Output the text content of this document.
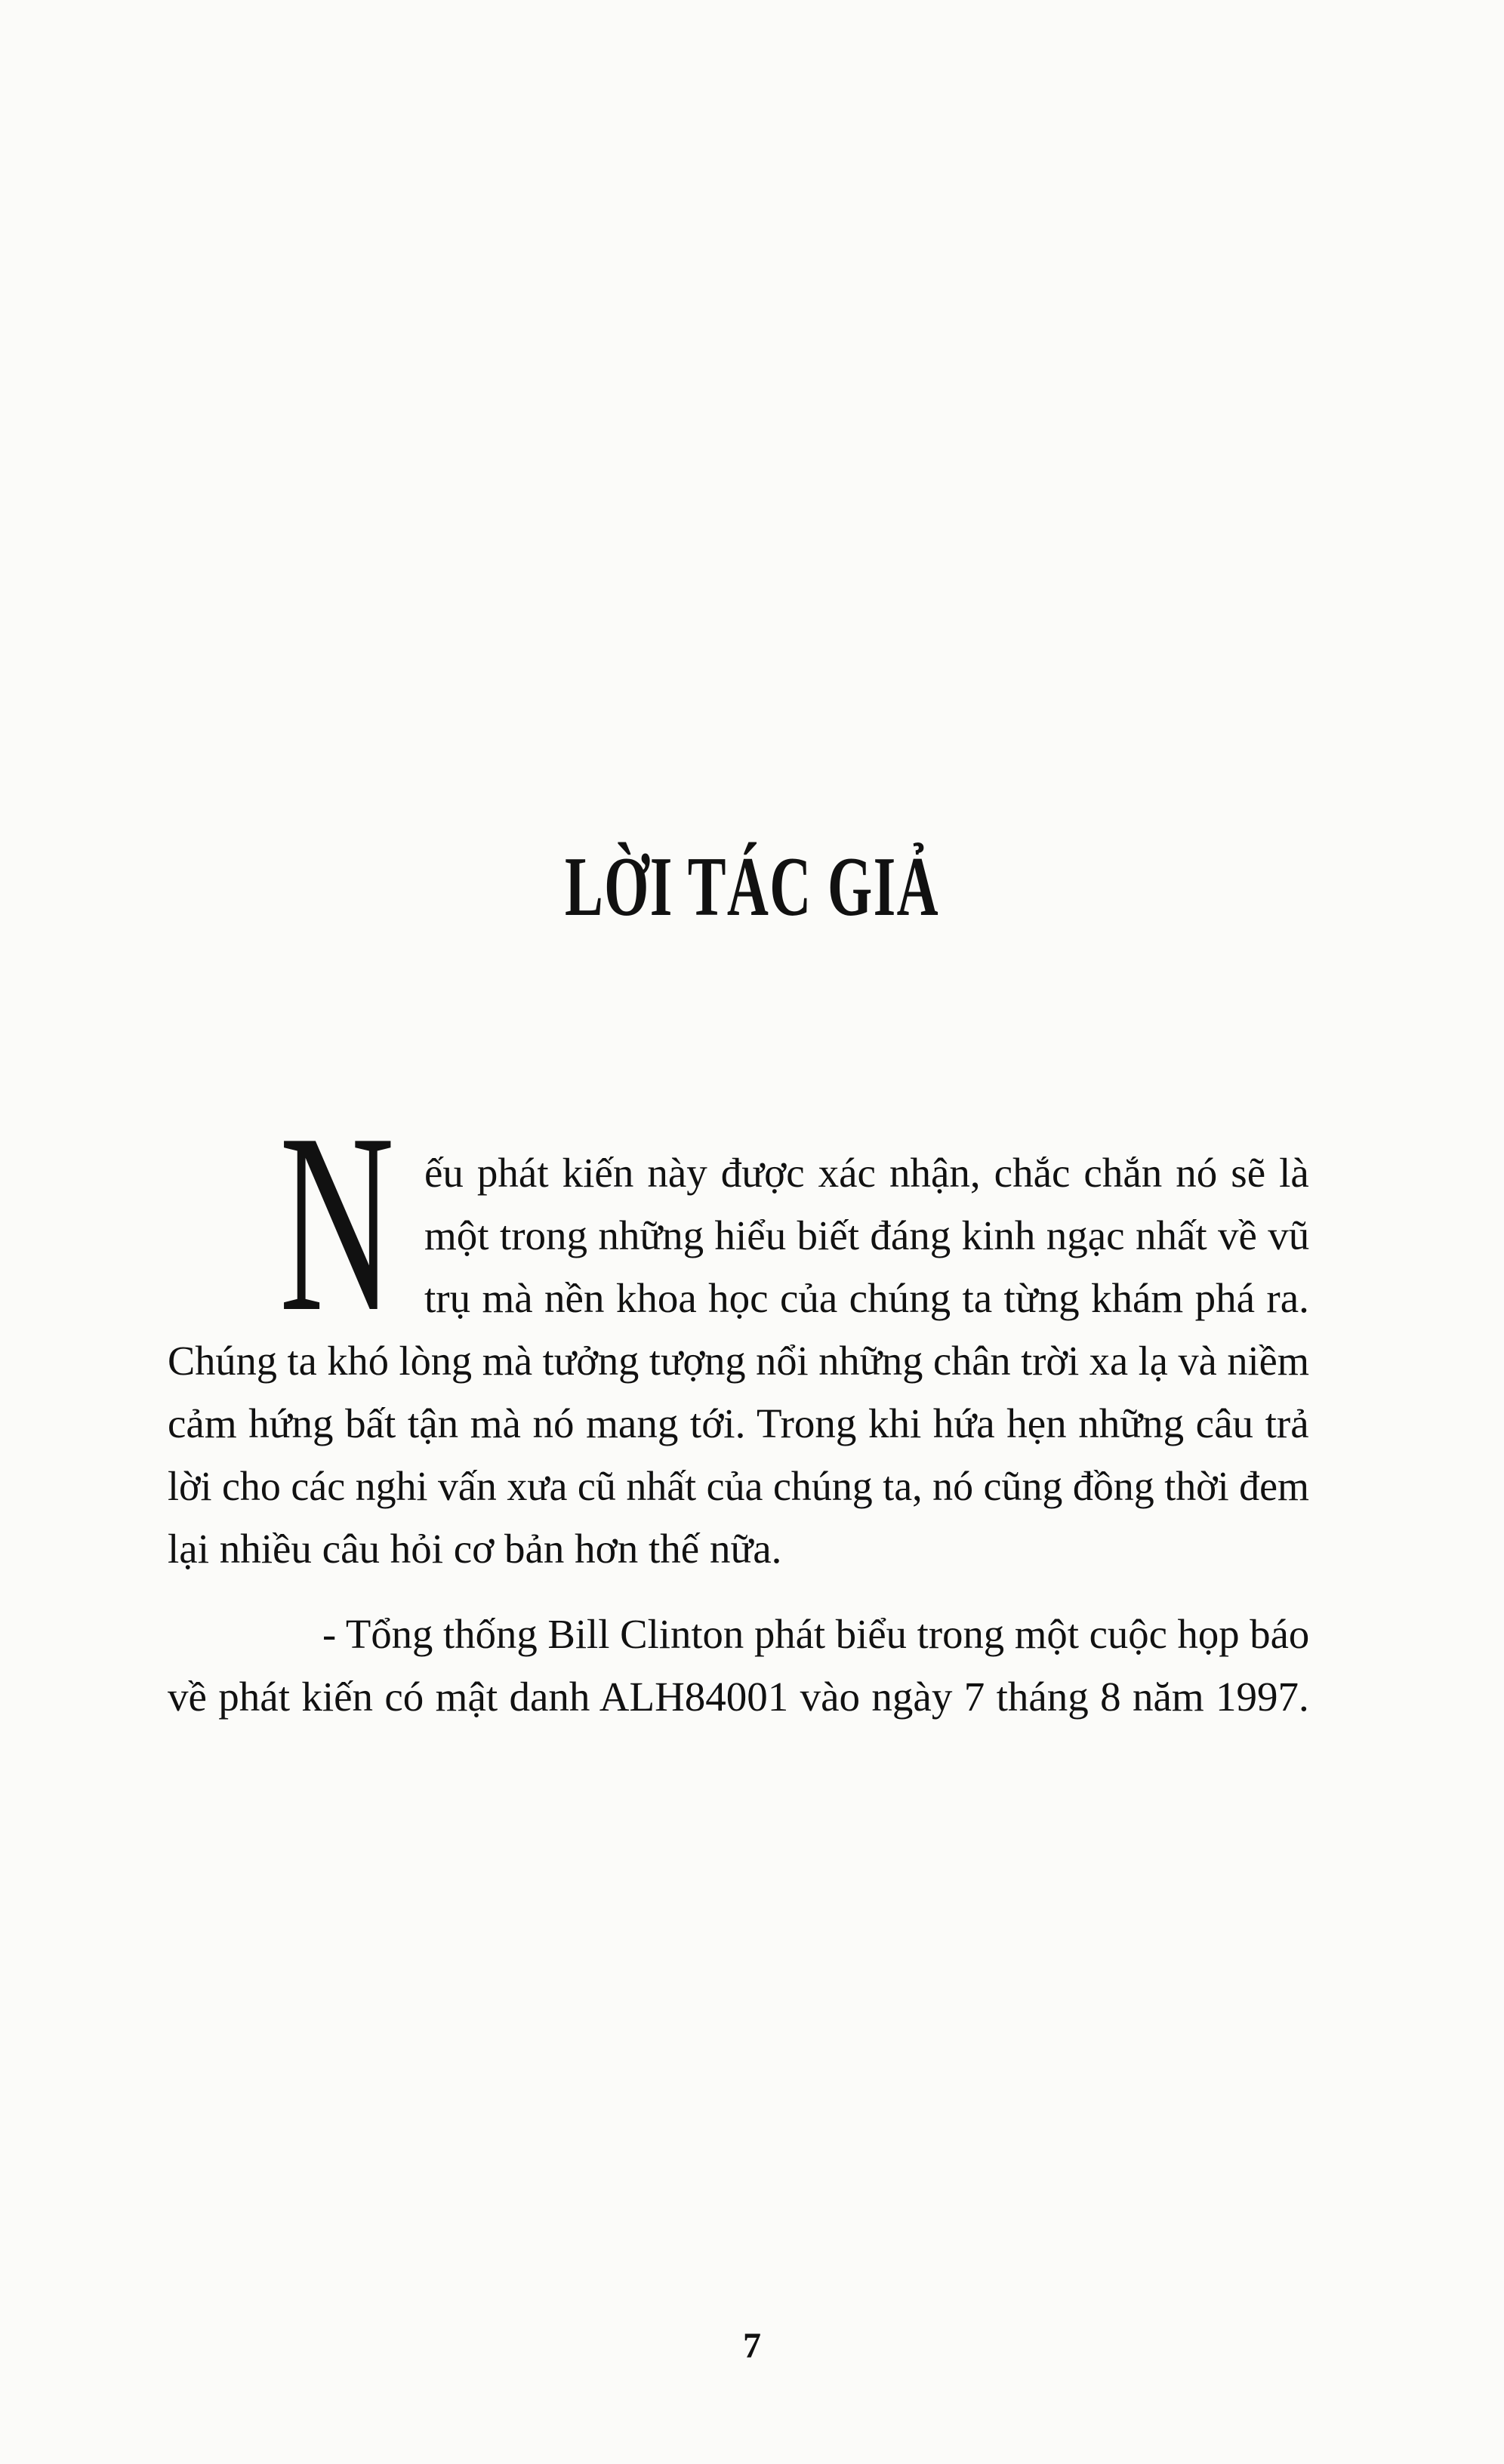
LỜI TÁC GIẢ
N ếu phát kiến này được xác nhận, chắc chắn nó sẽ là
một trong những hiểu biết đáng kinh ngạc nhất về vũ
trụ mà nền khoa học của chúng ta từng khám phá ra.
Chúng ta khó lòng mà tưởng tượng nổi những chân trời xa lạ và niềm
cảm hứng bất tận mà nó mang tới. Trong khi hứa hẹn những câu trả
lời cho các nghi vấn xưa cũ nhất của chúng ta, nó cũng đồng thời đem
lại nhiều câu hỏi cơ bản hơn thế nữa.
- Tổng thống Bill Clinton phát biểu trong một cuộc họp báo
về phát kiến có mật danh ALH84001 vào ngày 7 tháng 8 năm 1997.
7
